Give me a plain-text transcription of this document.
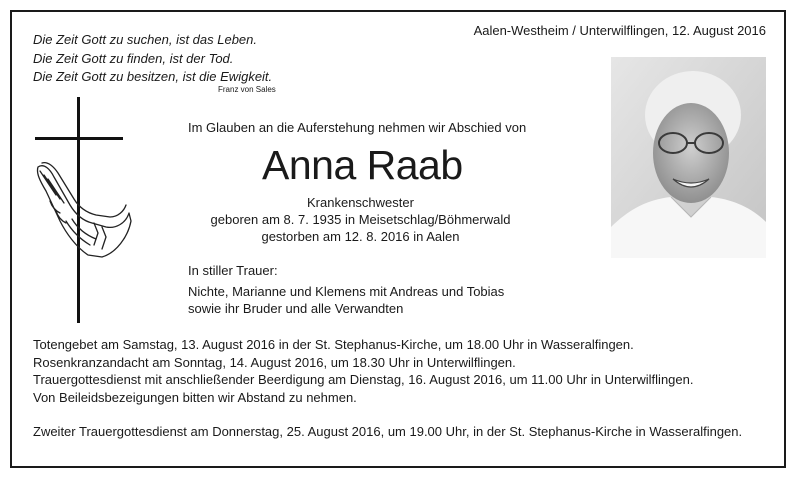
Die Zeit Gott zu suchen, ist das Leben.
Die Zeit Gott zu finden, ist der Tod.
Die Zeit Gott zu besitzen, ist die Ewigkeit.
Franz von Sales
Aalen-Westheim / Unterwilflingen, 12. August 2016
Im Glauben an die Auferstehung nehmen wir Abschied von
Anna Raab
Krankenschwester
geboren am 8. 7. 1935 in Meisetschlag/Böhmerwald
gestorben am 12. 8. 2016 in Aalen
In stiller Trauer:
Nichte, Marianne und Klemens mit Andreas und Tobias
sowie ihr Bruder und alle Verwandten
Totengebet am Samstag, 13. August 2016 in der St. Stephanus-Kirche, um 18.00 Uhr in Wasseralfingen.
Rosenkranzandacht am Sonntag, 14. August 2016, um 18.30 Uhr in Unterwilflingen.
Trauergottesdienst mit anschließender Beerdigung am Dienstag, 16. August 2016, um 11.00 Uhr in Unterwilflingen.
Von Beileidsbezeigungen bitten wir Abstand zu nehmen.
Zweiter Trauergottesdienst am Donnerstag, 25. August 2016, um 19.00 Uhr, in der St. Stephanus-Kirche in Wasseralfingen.
